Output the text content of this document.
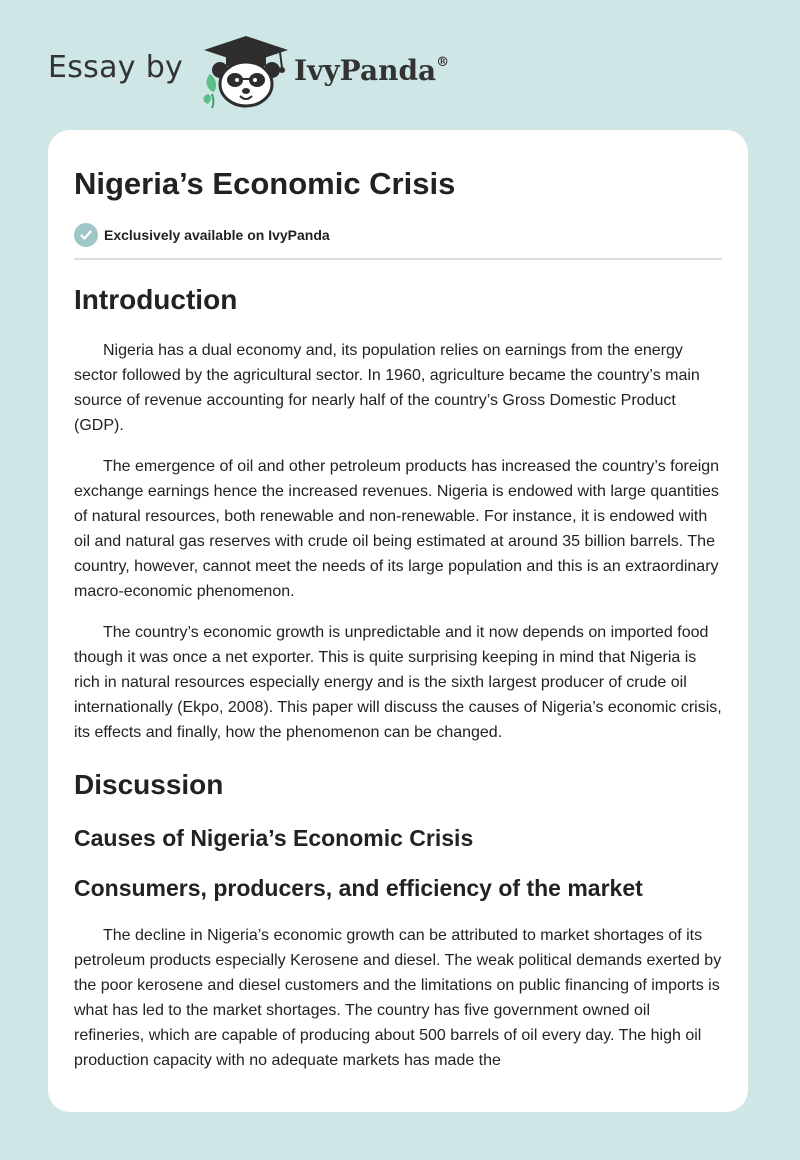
Essay by	IvyPanda®
Nigeria’s Economic Crisis
Exclusively available on IvyPanda
Introduction

Nigeria has a dual economy and, its population relies on earnings from the energy sector followed by the agricultural sector. In 1960, agriculture became the country’s main source of revenue accounting for nearly half of the country’s Gross Domestic Product (GDP).

The emergence of oil and other petroleum products has increased the country’s foreign exchange earnings hence the increased revenues. Nigeria is endowed with large quantities of natural resources, both renewable and non-renewable. For instance, it is endowed with oil and natural gas reserves with crude oil being estimated at around 35 billion barrels. The country, however, cannot meet the needs of its large population and this is an extraordinary macro-economic phenomenon.

The country’s economic growth is unpredictable and it now depends on imported food though it was once a net exporter. This is quite surprising keeping in mind that Nigeria is rich in natural resources especially energy and is the sixth largest producer of crude oil internationally (Ekpo, 2008). This paper will discuss the causes of Nigeria’s economic crisis, its effects and finally, how the phenomenon can be changed.

Discussion
Causes of Nigeria’s Economic Crisis
Consumers, producers, and efficiency of the market

The decline in Nigeria’s economic growth can be attributed to market shortages of its petroleum products especially Kerosene and diesel. The weak political demands exerted by the poor kerosene and diesel customers and the limitations on public financing of imports is what has led to the market shortages. The country has five government owned oil refineries, which are capable of producing about 500 barrels of oil every day. The high oil production capacity with no adequate markets has made the
